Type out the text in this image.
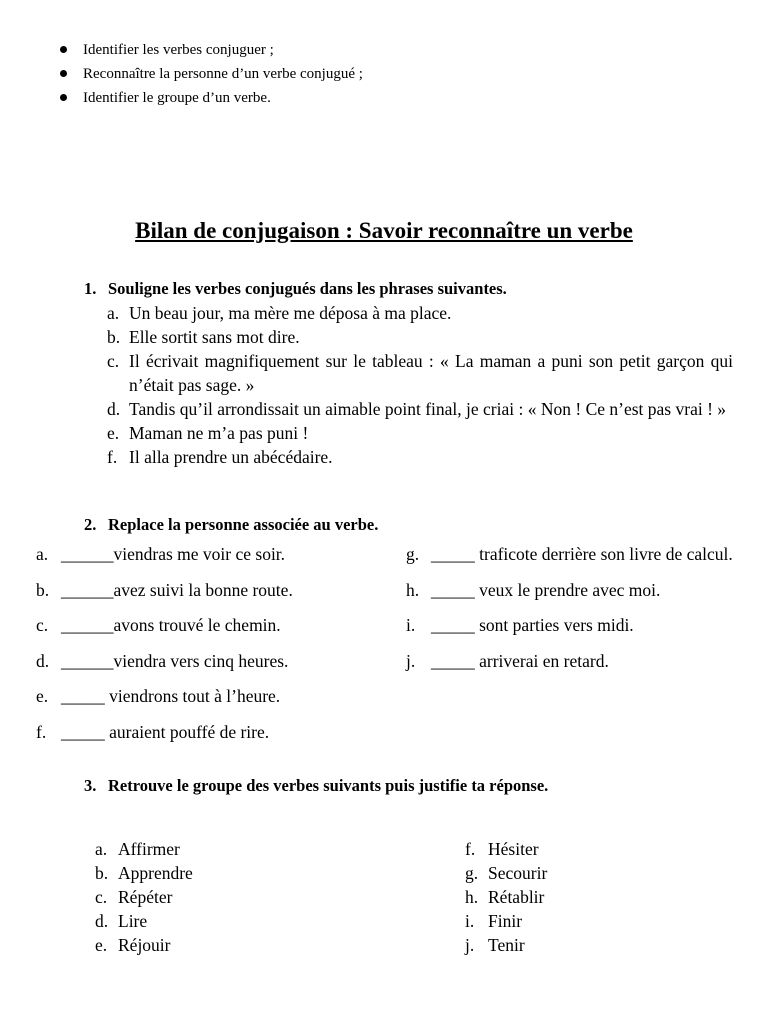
Identifier les verbes conjuguer ;
Reconnaître la personne d’un verbe conjugué ;
Identifier le groupe d’un verbe.
Bilan de conjugaison : Savoir reconnaître un verbe
1. Souligne les verbes conjugués dans les phrases suivantes.
a. Un beau jour, ma mère me déposa à ma place.
b. Elle sortit sans mot dire.
c. Il écrivait magnifiquement sur le tableau : « La maman a puni son petit garçon qui n’était pas sage. »
d. Tandis qu’il arrondissait un aimable point final, je criai : « Non ! Ce n’est pas vrai ! »
e. Maman ne m’a pas puni !
f. Il alla prendre un abécédaire.
2. Replace la personne associée au verbe.
a. ______viendras me voir ce soir.
b. ______avez suivi la bonne route.
c. ______avons trouvé le chemin.
d. ______viendra vers cinq heures.
e. _____ viendrons tout à l’heure.
f. _____ auraient pouffé de rire.
g. _____ traficote derrière son livre de calcul.
h. _____ veux le prendre avec moi.
i. _____ sont parties vers midi.
j. _____ arriverai en retard.
3. Retrouve le groupe des verbes suivants puis justifie ta réponse.
a. Affirmer
b. Apprendre
c. Répéter
d. Lire
e. Réjouir
f. Hésiter
g. Secourir
h. Rétablir
i. Finir
j. Tenir
